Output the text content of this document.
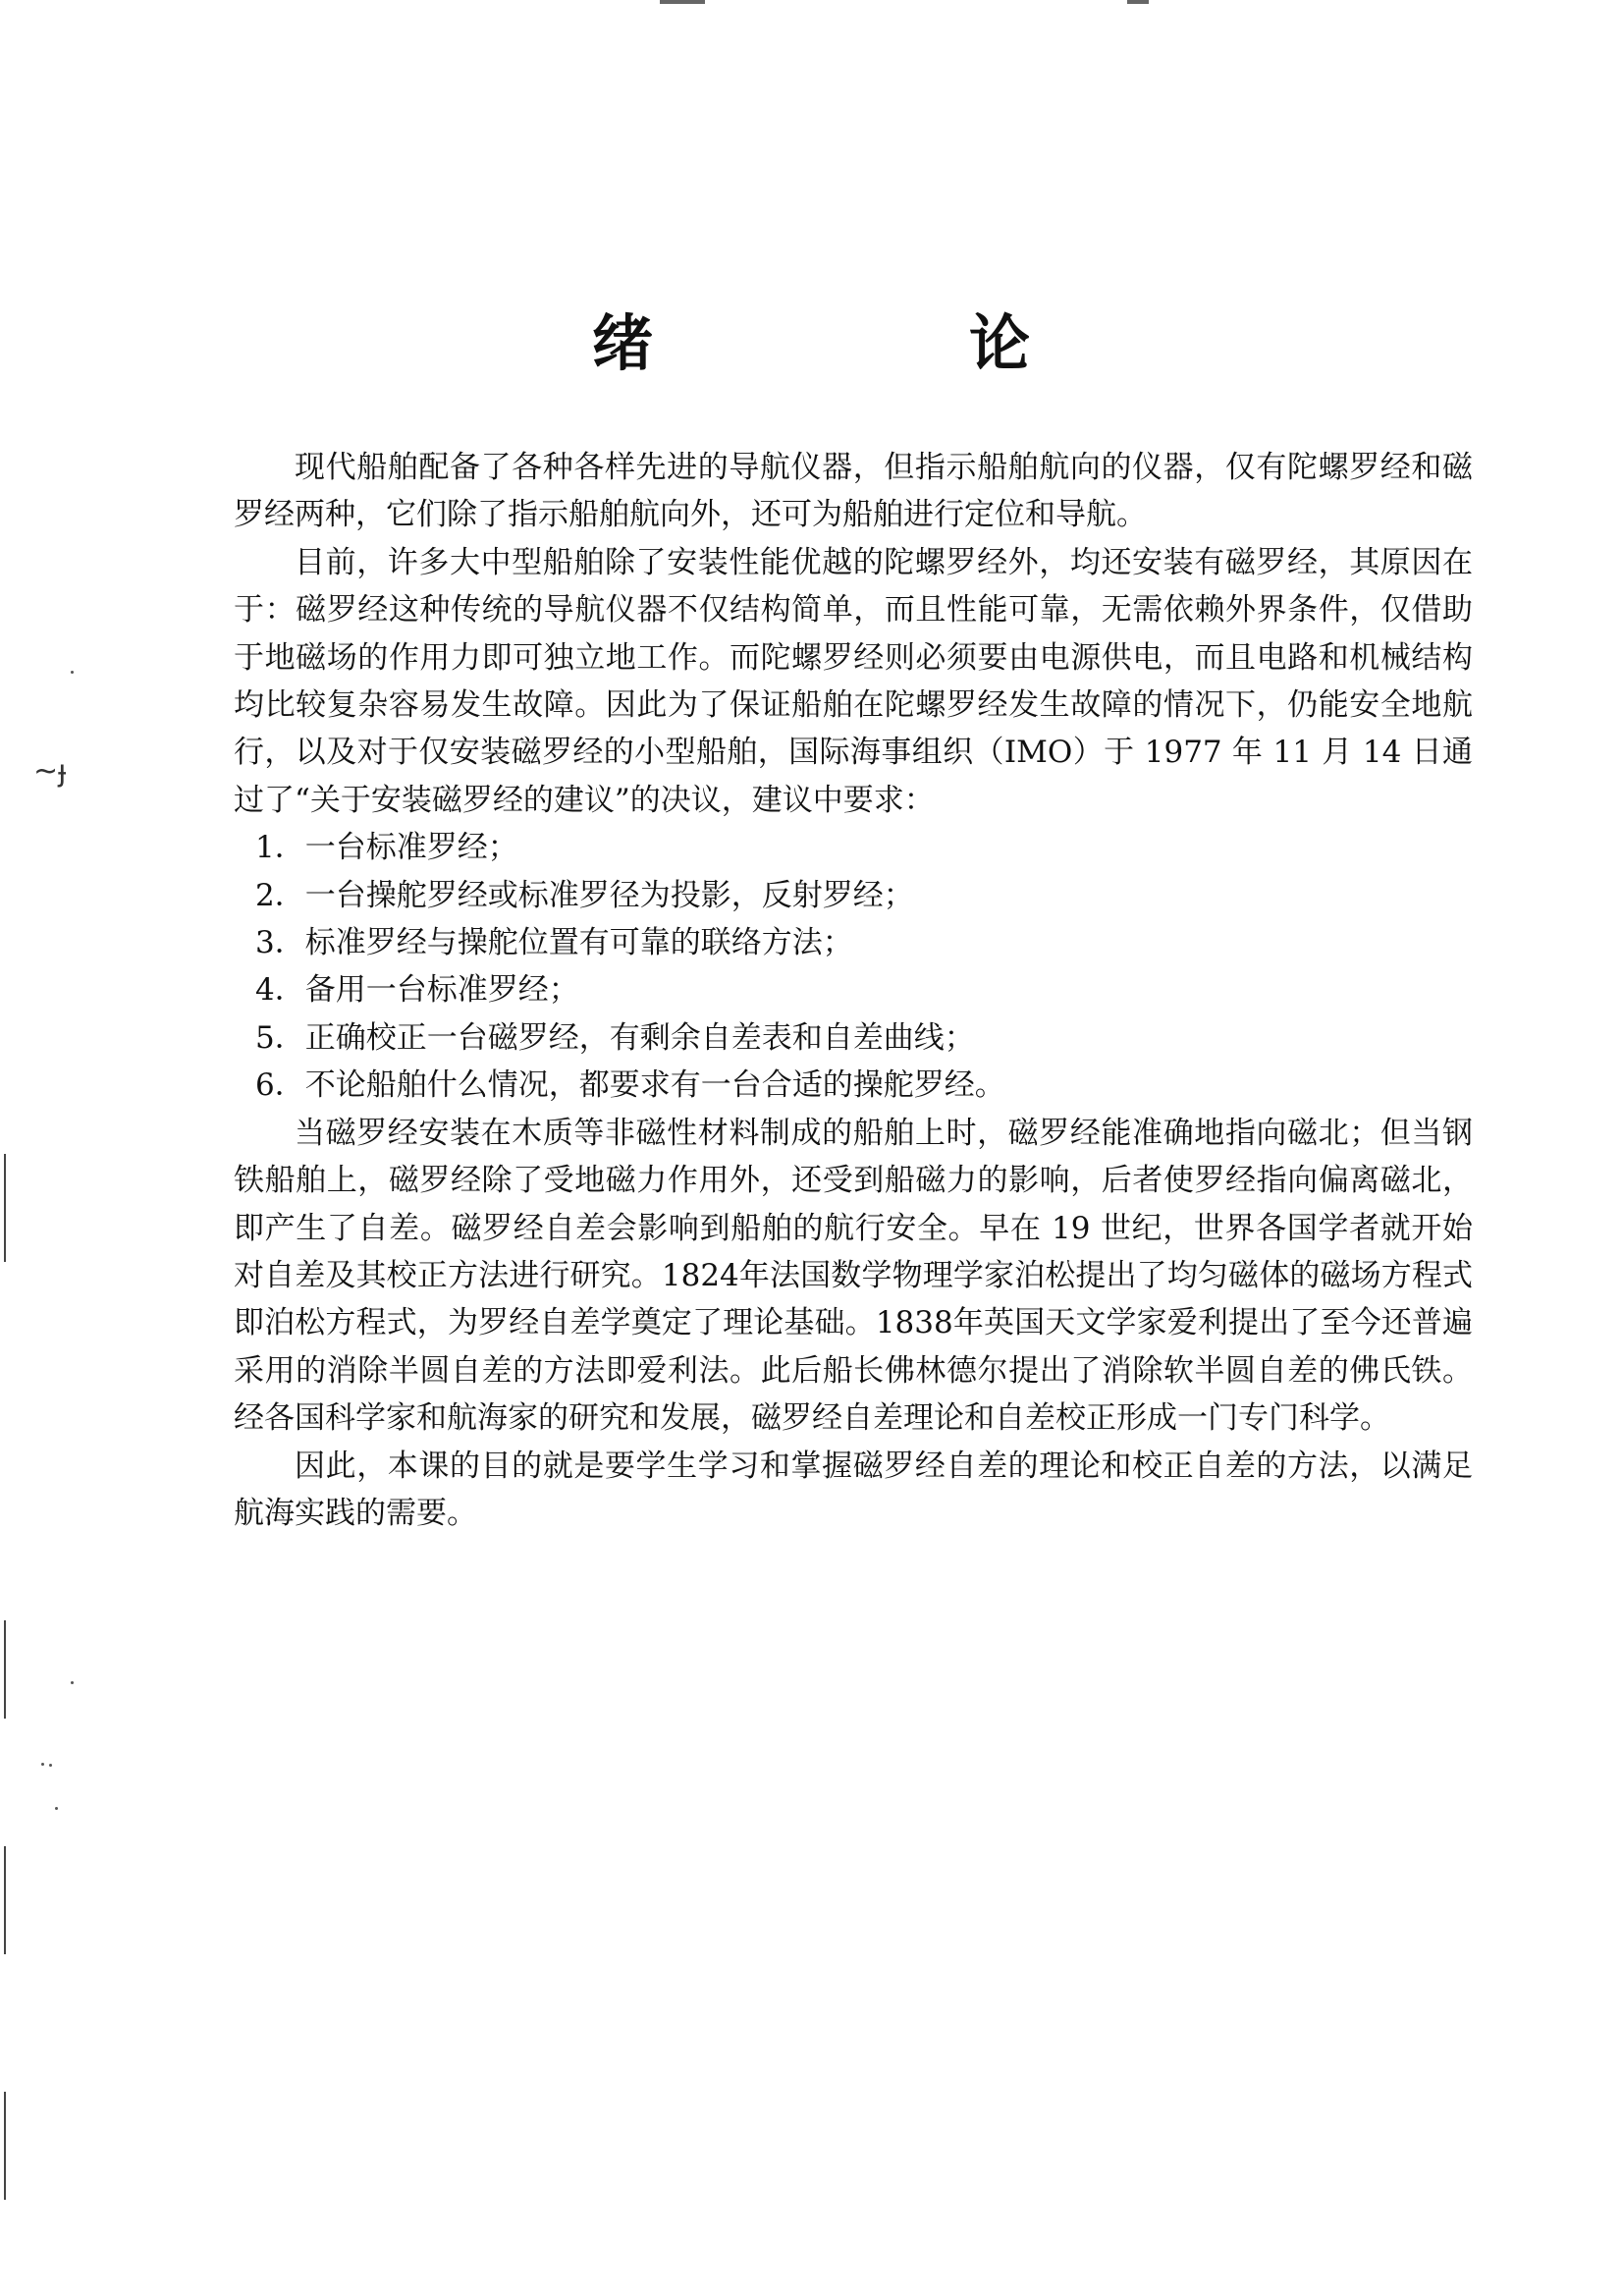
绪　论
~ɟ

现代船舶配备了各种各样先进的导航仪器，但指示船舶航向的仪器，仅有陀螺罗经和磁罗经两种，它们除了指示船舶航向外，还可为船舶进行定位和导航。

目前，许多大中型船舶除了安装性能优越的陀螺罗经外，均还安装有磁罗经，其原因在于：磁罗经这种传统的导航仪器不仅结构简单，而且性能可靠，无需依赖外界条件，仅借助于地磁场的作用力即可独立地工作。而陀螺罗经则必须要由电源供电，而且电路和机械结构均比较复杂容易发生故障。因此为了保证船舶在陀螺罗经发生故障的情况下，仍能安全地航行，以及对于仅安装磁罗经的小型船舶，国际海事组织（IMO）于 1977 年 11 月 14 日通过了“关于安装磁罗经的建议”的决议，建议中要求：

1．一台标准罗经；

2．一台操舵罗经或标准罗径为投影，反射罗经；

3．标准罗经与操舵位置有可靠的联络方法；

4．备用一台标准罗经；

5．正确校正一台磁罗经，有剩余自差表和自差曲线；

6．不论船舶什么情况，都要求有一台合适的操舵罗经。

当磁罗经安装在木质等非磁性材料制成的船舶上时，磁罗经能准确地指向磁北；但当钢铁船舶上，磁罗经除了受地磁力作用外，还受到船磁力的影响，后者使罗经指向偏离磁北，即产生了自差。磁罗经自差会影响到船舶的航行安全。早在 19 世纪，世界各国学者就开始对自差及其校正方法进行研究。1824年法国数学物理学家泊松提出了均匀磁体的磁场方程式即泊松方程式，为罗经自差学奠定了理论基础。1838年英国天文学家爱利提出了至今还普遍采用的消除半圆自差的方法即爱利法。此后船长佛林德尔提出了消除软半圆自差的佛氏铁。经各国科学家和航海家的研究和发展，磁罗经自差理论和自差校正形成一门专门科学。

因此，本课的目的就是要学生学习和掌握磁罗经自差的理论和校正自差的方法，以满足航海实践的需要。
